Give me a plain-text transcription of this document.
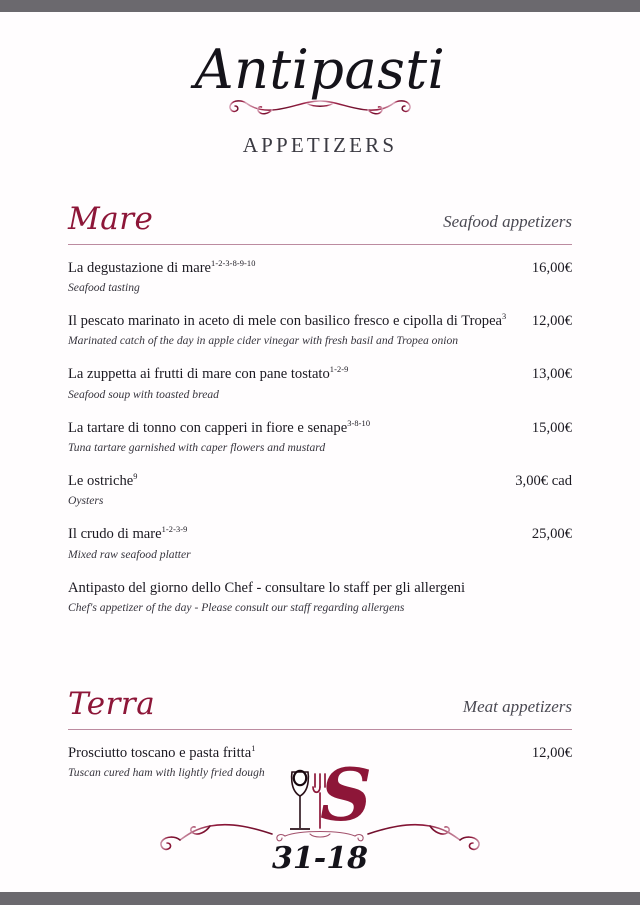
Antipasti
APPETIZERS
Mare	Seafood appetizers
La degustazione di mare$^{1-2-3-8-9-10}$	16,00€
Seafood tasting
Il pescato marinato in aceto di mele con basilico fresco e cipolla di Tropea$^3$ 12,00€
Marinated catch of the day in apple cider vinegar with fresh basil and Tropea onion
La zuppetta ai frutti di mare con pane tostato$^{1-2-9}$	13,00€
Seafood soup with toasted bread
La tartare di tonno con capperi in fiore e senape$^{3-8-10}$	15,00€
Tuna tartare garnished with caper flowers and mustard
Le ostriche$^9$	3,00€ cad
Oysters
Il crudo di mare$^{1-2-3-9}$	25,00€
Mixed raw seafood platter
Antipasto del giorno dello Chef - consultare lo staff per gli allergeni
Chef's appetizer of the day - Please consult our staff regarding allergens
Terra	Meat appetizers
Prosciutto toscano e pasta fritta$^1$	12,00€
Tuscan cured ham with lightly fried dough S
31-18
